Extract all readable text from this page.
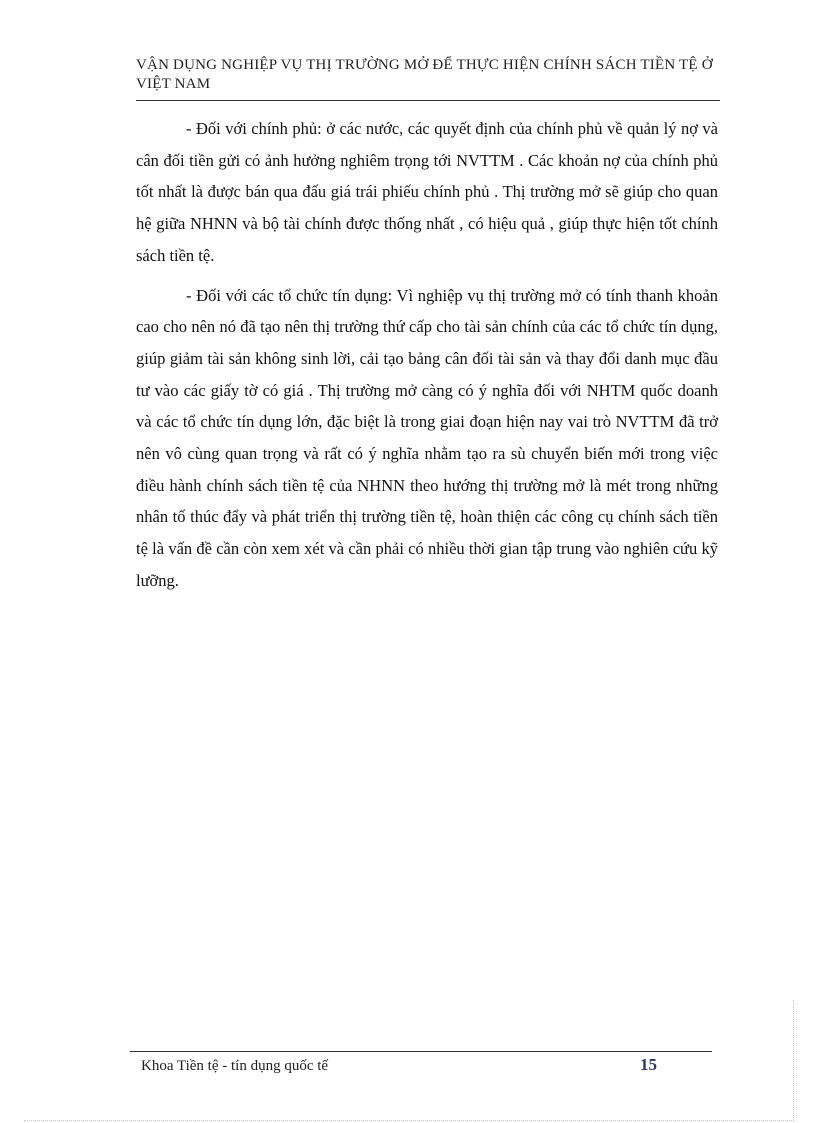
VẬN DỤNG NGHIỆP VỤ THỊ TRƯỜNG MỞ ĐỂ THỰC HIỆN CHÍNH SÁCH TIỀN TỆ Ở VIỆT NAM

- Đối với chính phủ: ở các nước, các quyết định của chính phủ về quản lý nợ và cân đối tiền gửi có ảnh hưởng nghiêm trọng tới NVTTM . Các khoản nợ của chính phủ tốt nhất là được bán qua đấu giá trái phiếu chính phủ . Thị trường mở sẽ giúp cho quan hệ giữa NHNN và bộ tài chính được thống nhất , có hiệu quả , giúp thực hiện tốt chính sách tiền tệ.

- Đối với các tổ chức tín dụng: Vì nghiệp vụ thị trường mở có tính thanh khoản cao cho nên nó đã tạo nên thị trường thứ cấp cho tài sản chính của các tổ chức tín dụng, giúp giảm tài sản không sinh lời, cải tạo bảng cân đối tài sản và thay đổi danh mục đầu tư vào các giấy tờ có giá . Thị trường mở càng có ý nghĩa đối với NHTM quốc doanh và các tổ chức tín dụng lớn, đặc biệt là trong giai đoạn hiện nay vai trò NVTTM đã trở nên vô cùng quan trọng và rất có ý nghĩa nhằm tạo ra sù chuyển biến mới trong việc điều hành chính sách tiền tệ của NHNN theo hướng thị trường mở là mét trong những nhân tố thúc đẩy và phát triển thị trường tiền tệ, hoàn thiện các công cụ chính sách tiền tệ là vấn đề cần còn xem xét và cần phải có nhiều thời gian tập trung vào nghiên cứu kỹ lưỡng.

Khoa Tiền tệ - tín dụng quốc tế	15
